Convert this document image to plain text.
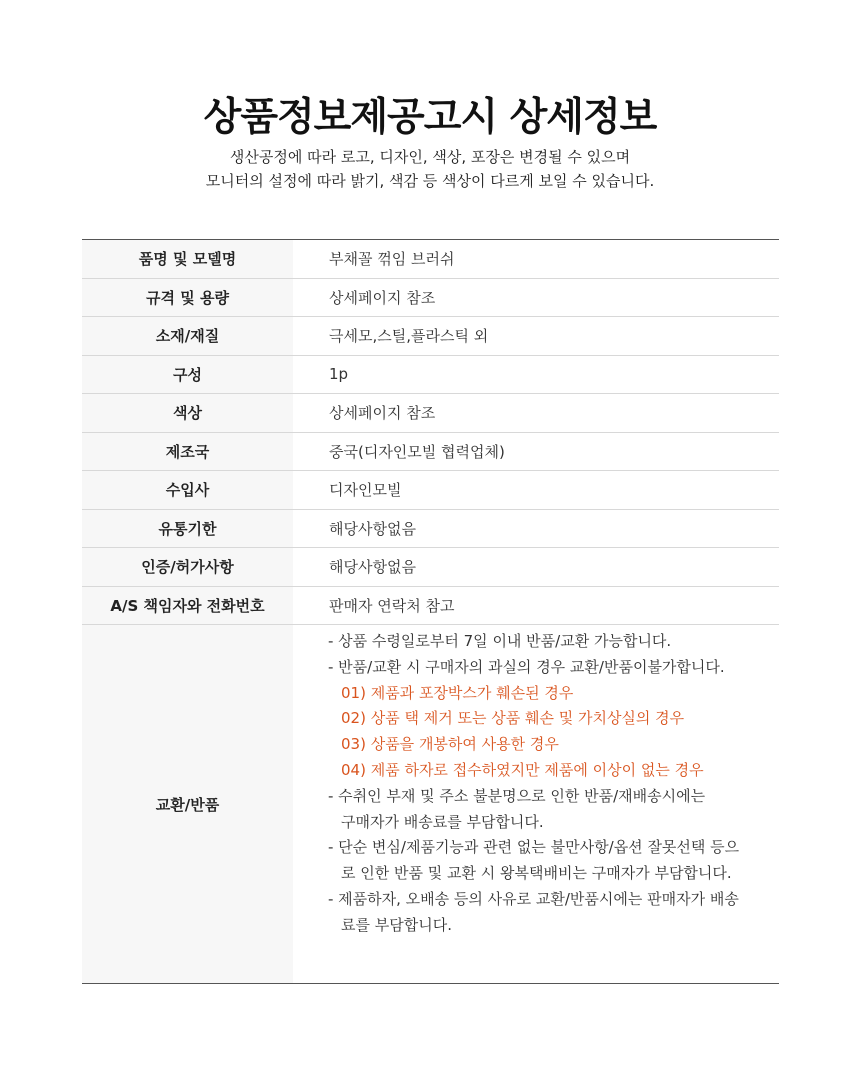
상품정보제공고시 상세정보
생산공정에 따라 로고, 디자인, 색상, 포장은 변경될 수 있으며
모니터의 설정에 따라 밝기, 색감 등 색상이 다르게 보일 수 있습니다.
품명 및 모델명	부채꼴 꺾임 브러쉬
규격 및 용량	상세페이지 참조
소재/재질	극세모,스틸,플라스틱 외
구성	1p
색상	상세페이지 참조
제조국	중국(디자인모빌 협력업체)
수입사	디자인모빌
유통기한	해당사항없음
인증/허가사항	해당사항없음
A/S 책임자와 전화번호	판매자 연락처 참고
교환/반품
- 상품 수령일로부터 7일 이내 반품/교환 가능합니다.
- 반품/교환 시 구매자의 과실의 경우 교환/반품이불가합니다.
01) 제품과 포장박스가 훼손된 경우
02) 상품 택 제거 또는 상품 훼손 및 가치상실의 경우
03) 상품을 개봉하여 사용한 경우
04) 제품 하자로 접수하였지만 제품에 이상이 없는 경우
- 수취인 부재 및 주소 불분명으로 인한 반품/재배송시에는
구매자가 배송료를 부담합니다.
- 단순 변심/제품기능과 관련 없는 불만사항/옵션 잘못선택 등으
로 인한 반품 및 교환 시 왕복택배비는 구매자가 부담합니다.
- 제품하자, 오배송 등의 사유로 교환/반품시에는 판매자가 배송
료를 부담합니다.
